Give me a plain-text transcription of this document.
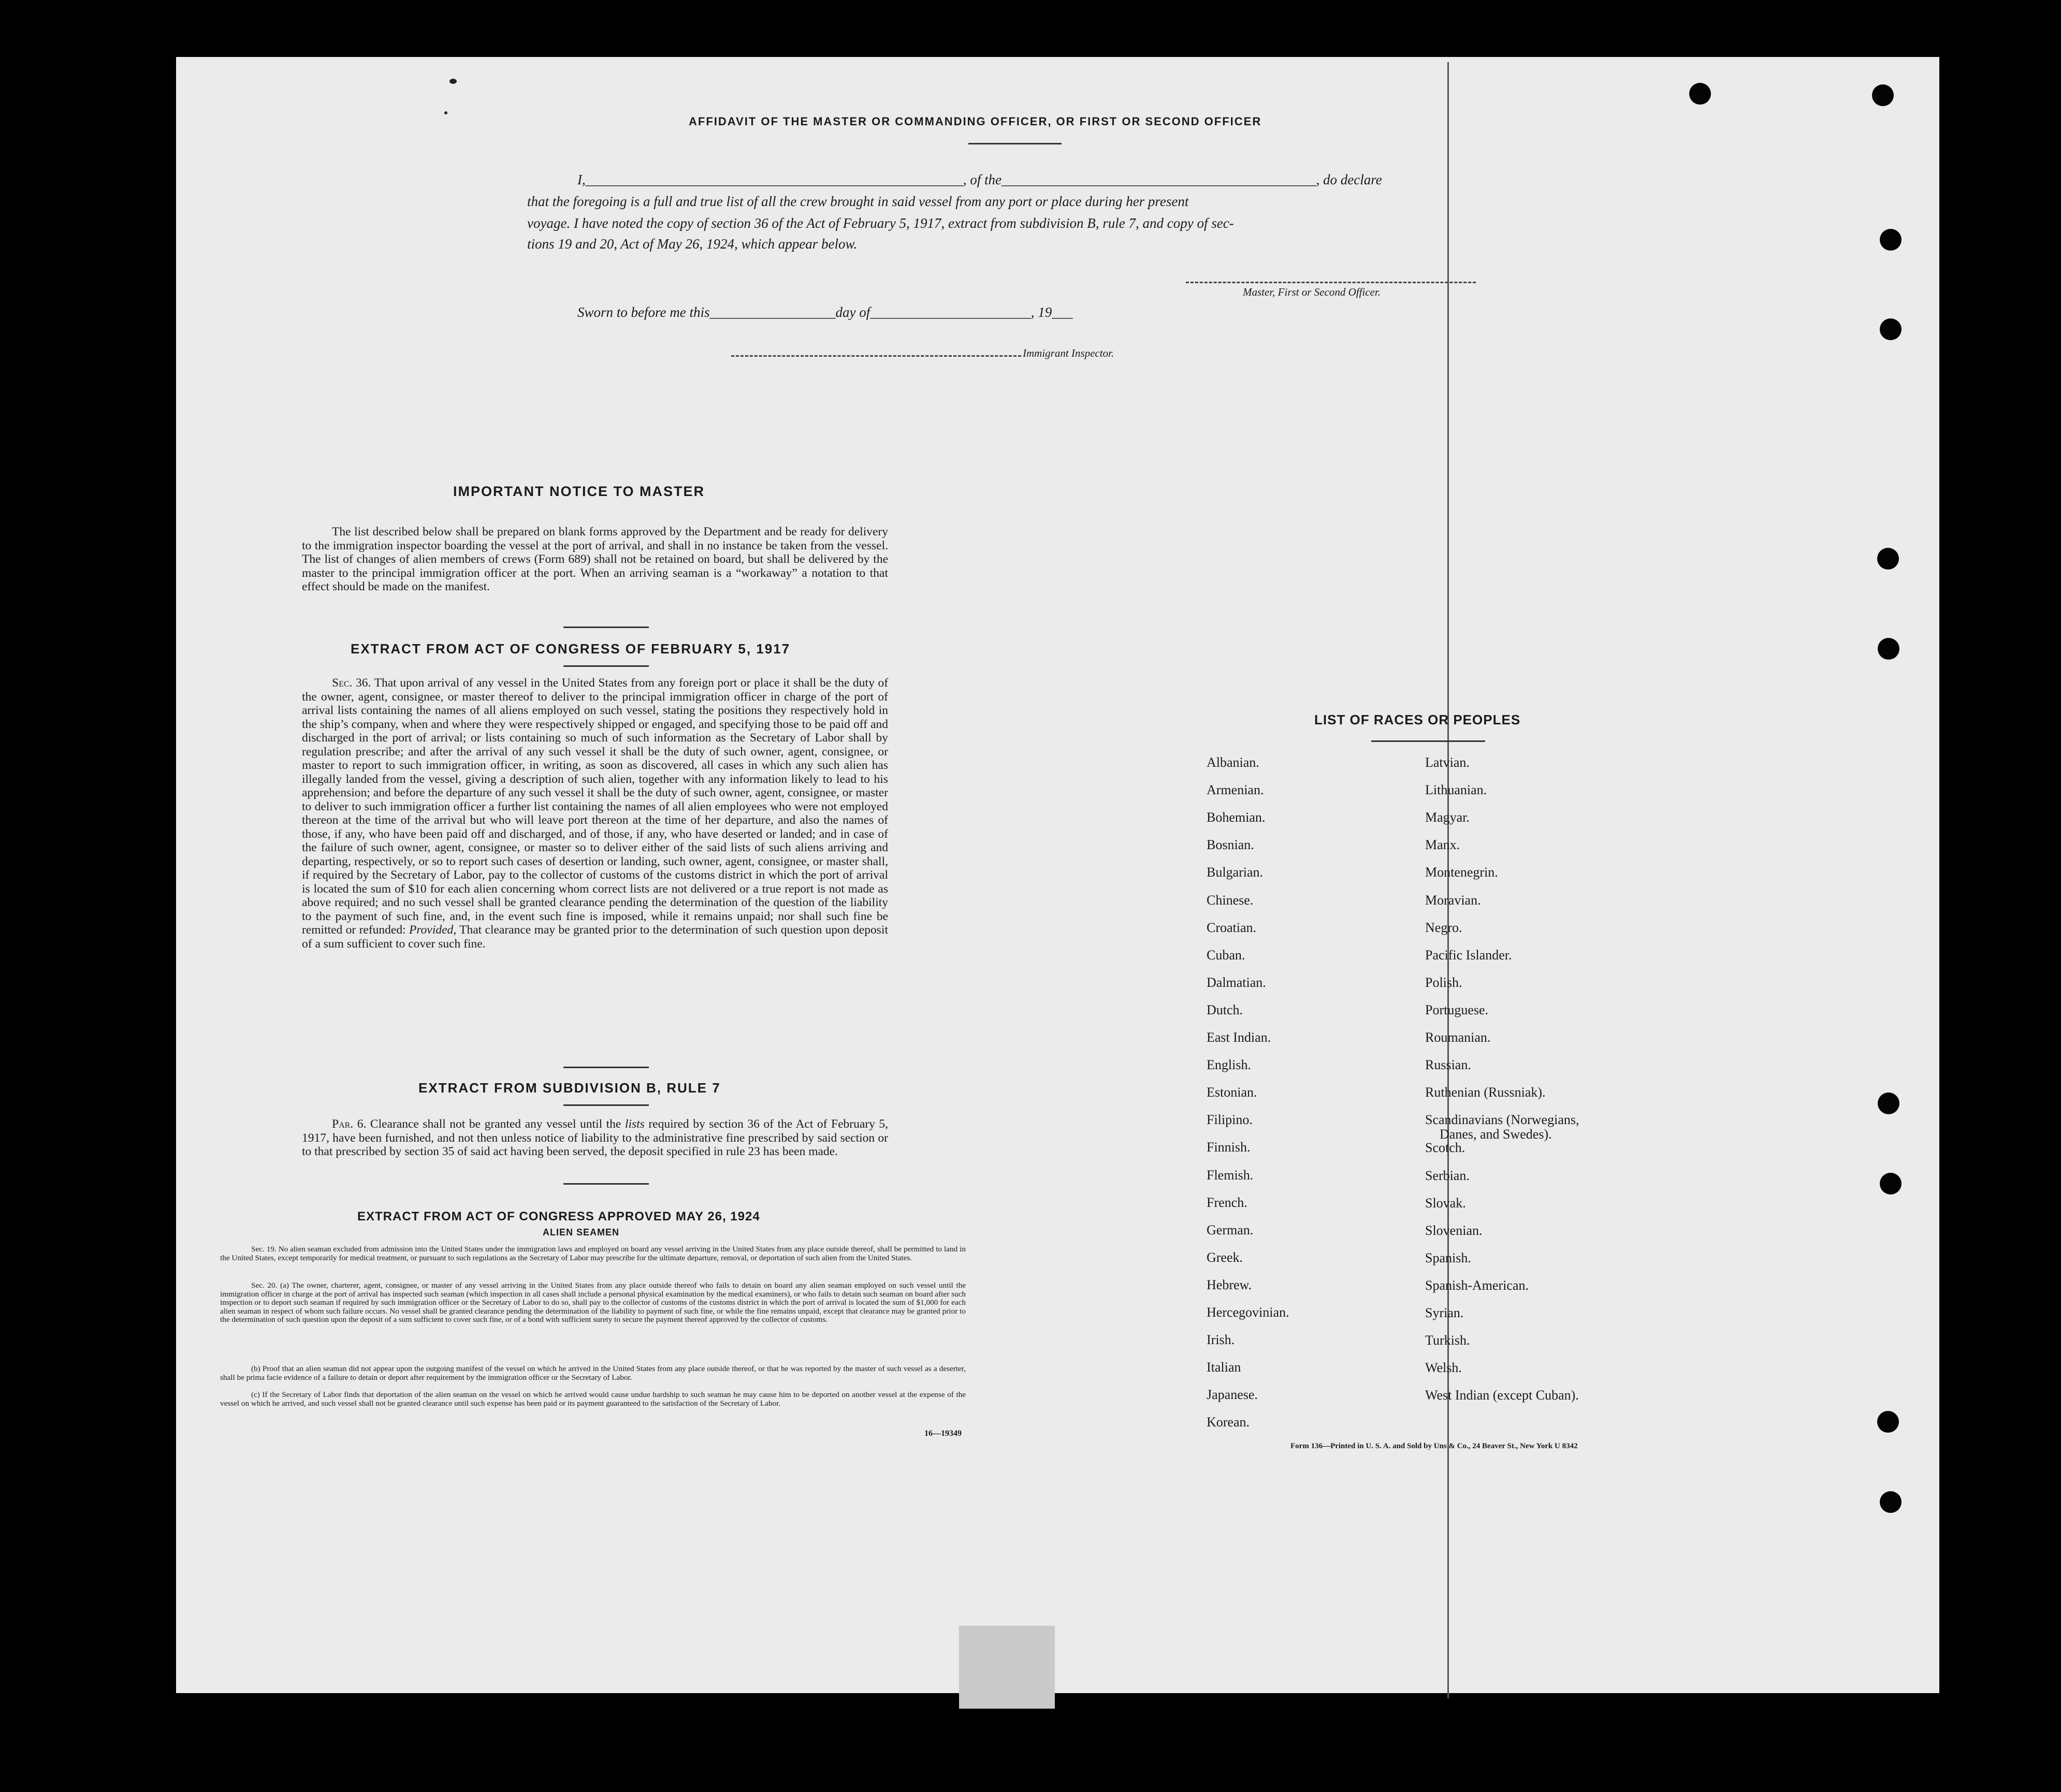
AFFIDAVIT OF THE MASTER OR COMMANDING OFFICER, OR FIRST OR SECOND OFFICER
I,______________________________________________________, of the_____________________________________________, do declare
that the foregoing is a full and true list of all the crew brought in said vessel from any port or place during her present
voyage. I have noted the copy of section 36 of the Act of February 5, 1917, extract from subdivision B, rule 7, and copy of sec-
tions 19 and 20, Act of May 26, 1924, which appear below.
Master, First or Second Officer.
Sworn to before me this__________________day of_______________________, 19___
Immigrant Inspector.
IMPORTANT NOTICE TO MASTER
The list described below shall be prepared on blank forms approved by the Department and be ready for delivery to the immigration inspector boarding the vessel at the port of arrival, and shall in no instance be taken from the vessel. The list of changes of alien members of crews (Form 689) shall not be retained on board, but shall be delivered by the master to the principal immigration officer at the port. When an arriving seaman is a “workaway” a notation to that effect should be made on the manifest.
EXTRACT FROM ACT OF CONGRESS OF FEBRUARY 5, 1917
Sec. 36. That upon arrival of any vessel in the United States from any foreign port or place it shall be the duty of the owner, agent, consignee, or master thereof to deliver to the principal immigration officer in charge of the port of arrival lists containing the names of all aliens employed on such vessel, stating the positions they respectively hold in the ship’s company, when and where they were respectively shipped or engaged, and specifying those to be paid off and discharged in the port of arrival; or lists containing so much of such information as the Secretary of Labor shall by regulation prescribe; and after the arrival of any such vessel it shall be the duty of such owner, agent, consignee, or master to report to such immigration officer, in writing, as soon as discovered, all cases in which any such alien has illegally landed from the vessel, giving a description of such alien, together with any information likely to lead to his apprehension; and before the departure of any such vessel it shall be the duty of such owner, agent, consignee, or master to deliver to such immigration officer a further list containing the names of all alien employees who were not employed thereon at the time of the arrival but who will leave port thereon at the time of her departure, and also the names of those, if any, who have been paid off and discharged, and of those, if any, who have deserted or landed; and in case of the failure of such owner, agent, consignee, or master so to deliver either of the said lists of such aliens arriving and departing, respectively, or so to report such cases of desertion or landing, such owner, agent, consignee, or master shall, if required by the Secretary of Labor, pay to the collector of customs of the customs district in which the port of arrival is located the sum of $10 for each alien concerning whom correct lists are not delivered or a true report is not made as above required; and no such vessel shall be granted clearance pending the determination of the question of the liability to the payment of such fine, and, in the event such fine is imposed, while it remains unpaid; nor shall such fine be remitted or refunded: Provided, That clearance may be granted prior to the determination of such question upon deposit of a sum sufficient to cover such fine.
EXTRACT FROM SUBDIVISION B, RULE 7
Par. 6. Clearance shall not be granted any vessel until the lists required by section 36 of the Act of February 5, 1917, have been furnished, and not then unless notice of liability to the administrative fine prescribed by said section or to that prescribed by section 35 of said act having been served, the deposit specified in rule 23 has been made.
EXTRACT FROM ACT OF CONGRESS APPROVED MAY 26, 1924
ALIEN SEAMEN
Sec. 19. No alien seaman excluded from admission into the United States under the immigration laws and employed on board any vessel arriving in the United States from any place outside thereof, shall be permitted to land in the United States, except temporarily for medical treatment, or pursuant to such regulations as the Secretary of Labor may prescribe for the ultimate departure, removal, or deportation of such alien from the United States.
Sec. 20. (a) The owner, charterer, agent, consignee, or master of any vessel arriving in the United States from any place outside thereof who fails to detain on board any alien seaman employed on such vessel until the immigration officer in charge at the port of arrival has inspected such seaman (which inspection in all cases shall include a personal physical examination by the medical examiners), or who fails to detain such seaman on board after such inspection or to deport such seaman if required by such immigration officer or the Secretary of Labor to do so, shall pay to the collector of customs of the customs district in which the port of arrival is located the sum of $1,000 for each alien seaman in respect of whom such failure occurs. No vessel shall be granted clearance pending the determination of the liability to payment of such fine, or while the fine remains unpaid, except that clearance may be granted prior to the determination of such question upon the deposit of a sum sufficient to cover such fine, or of a bond with sufficient surety to secure the payment thereof approved by the collector of customs.
(b) Proof that an alien seaman did not appear upon the outgoing manifest of the vessel on which he arrived in the United States from any place outside thereof, or that he was reported by the master of such vessel as a deserter, shall be prima facie evidence of a failure to detain or deport after requirement by the immigration officer or the Secretary of Labor.
(c) If the Secretary of Labor finds that deportation of the alien seaman on the vessel on which he arrived would cause undue hardship to such seaman he may cause him to be deported on another vessel at the expense of the vessel on which he arrived, and such vessel shall not be granted clearance until such expense has been paid or its payment guaranteed to the satisfaction of the Secretary of Labor.
16—19349
LIST OF RACES OR PEOPLES
Albanian.
Armenian.
Bohemian.
Bosnian.
Bulgarian.
Chinese.
Croatian.
Cuban.
Dalmatian.
Dutch.
East Indian.
English.
Estonian.
Filipino.
Finnish.
Flemish.
French.
German.
Greek.
Hebrew.
Hercegovinian.
Irish.
Italian
Japanese.
Korean.
Latvian.
Lithuanian.
Magyar.
Manx.
Montenegrin.
Moravian.
Negro.
Pacific Islander.
Polish.
Portuguese.
Roumanian.
Russian.
Ruthenian (Russniak).
Scandinavians (Norwegians,
Danes, and Swedes).
Scotch.
Serbian.
Slovak.
Slovenian.
Spanish.
Spanish-American.
Syrian.
Turkish.
Welsh.
West Indian (except Cuban).
Form 136—Printed in U. S. A. and Sold by Uns & Co., 24 Beaver St., New York U 8342
